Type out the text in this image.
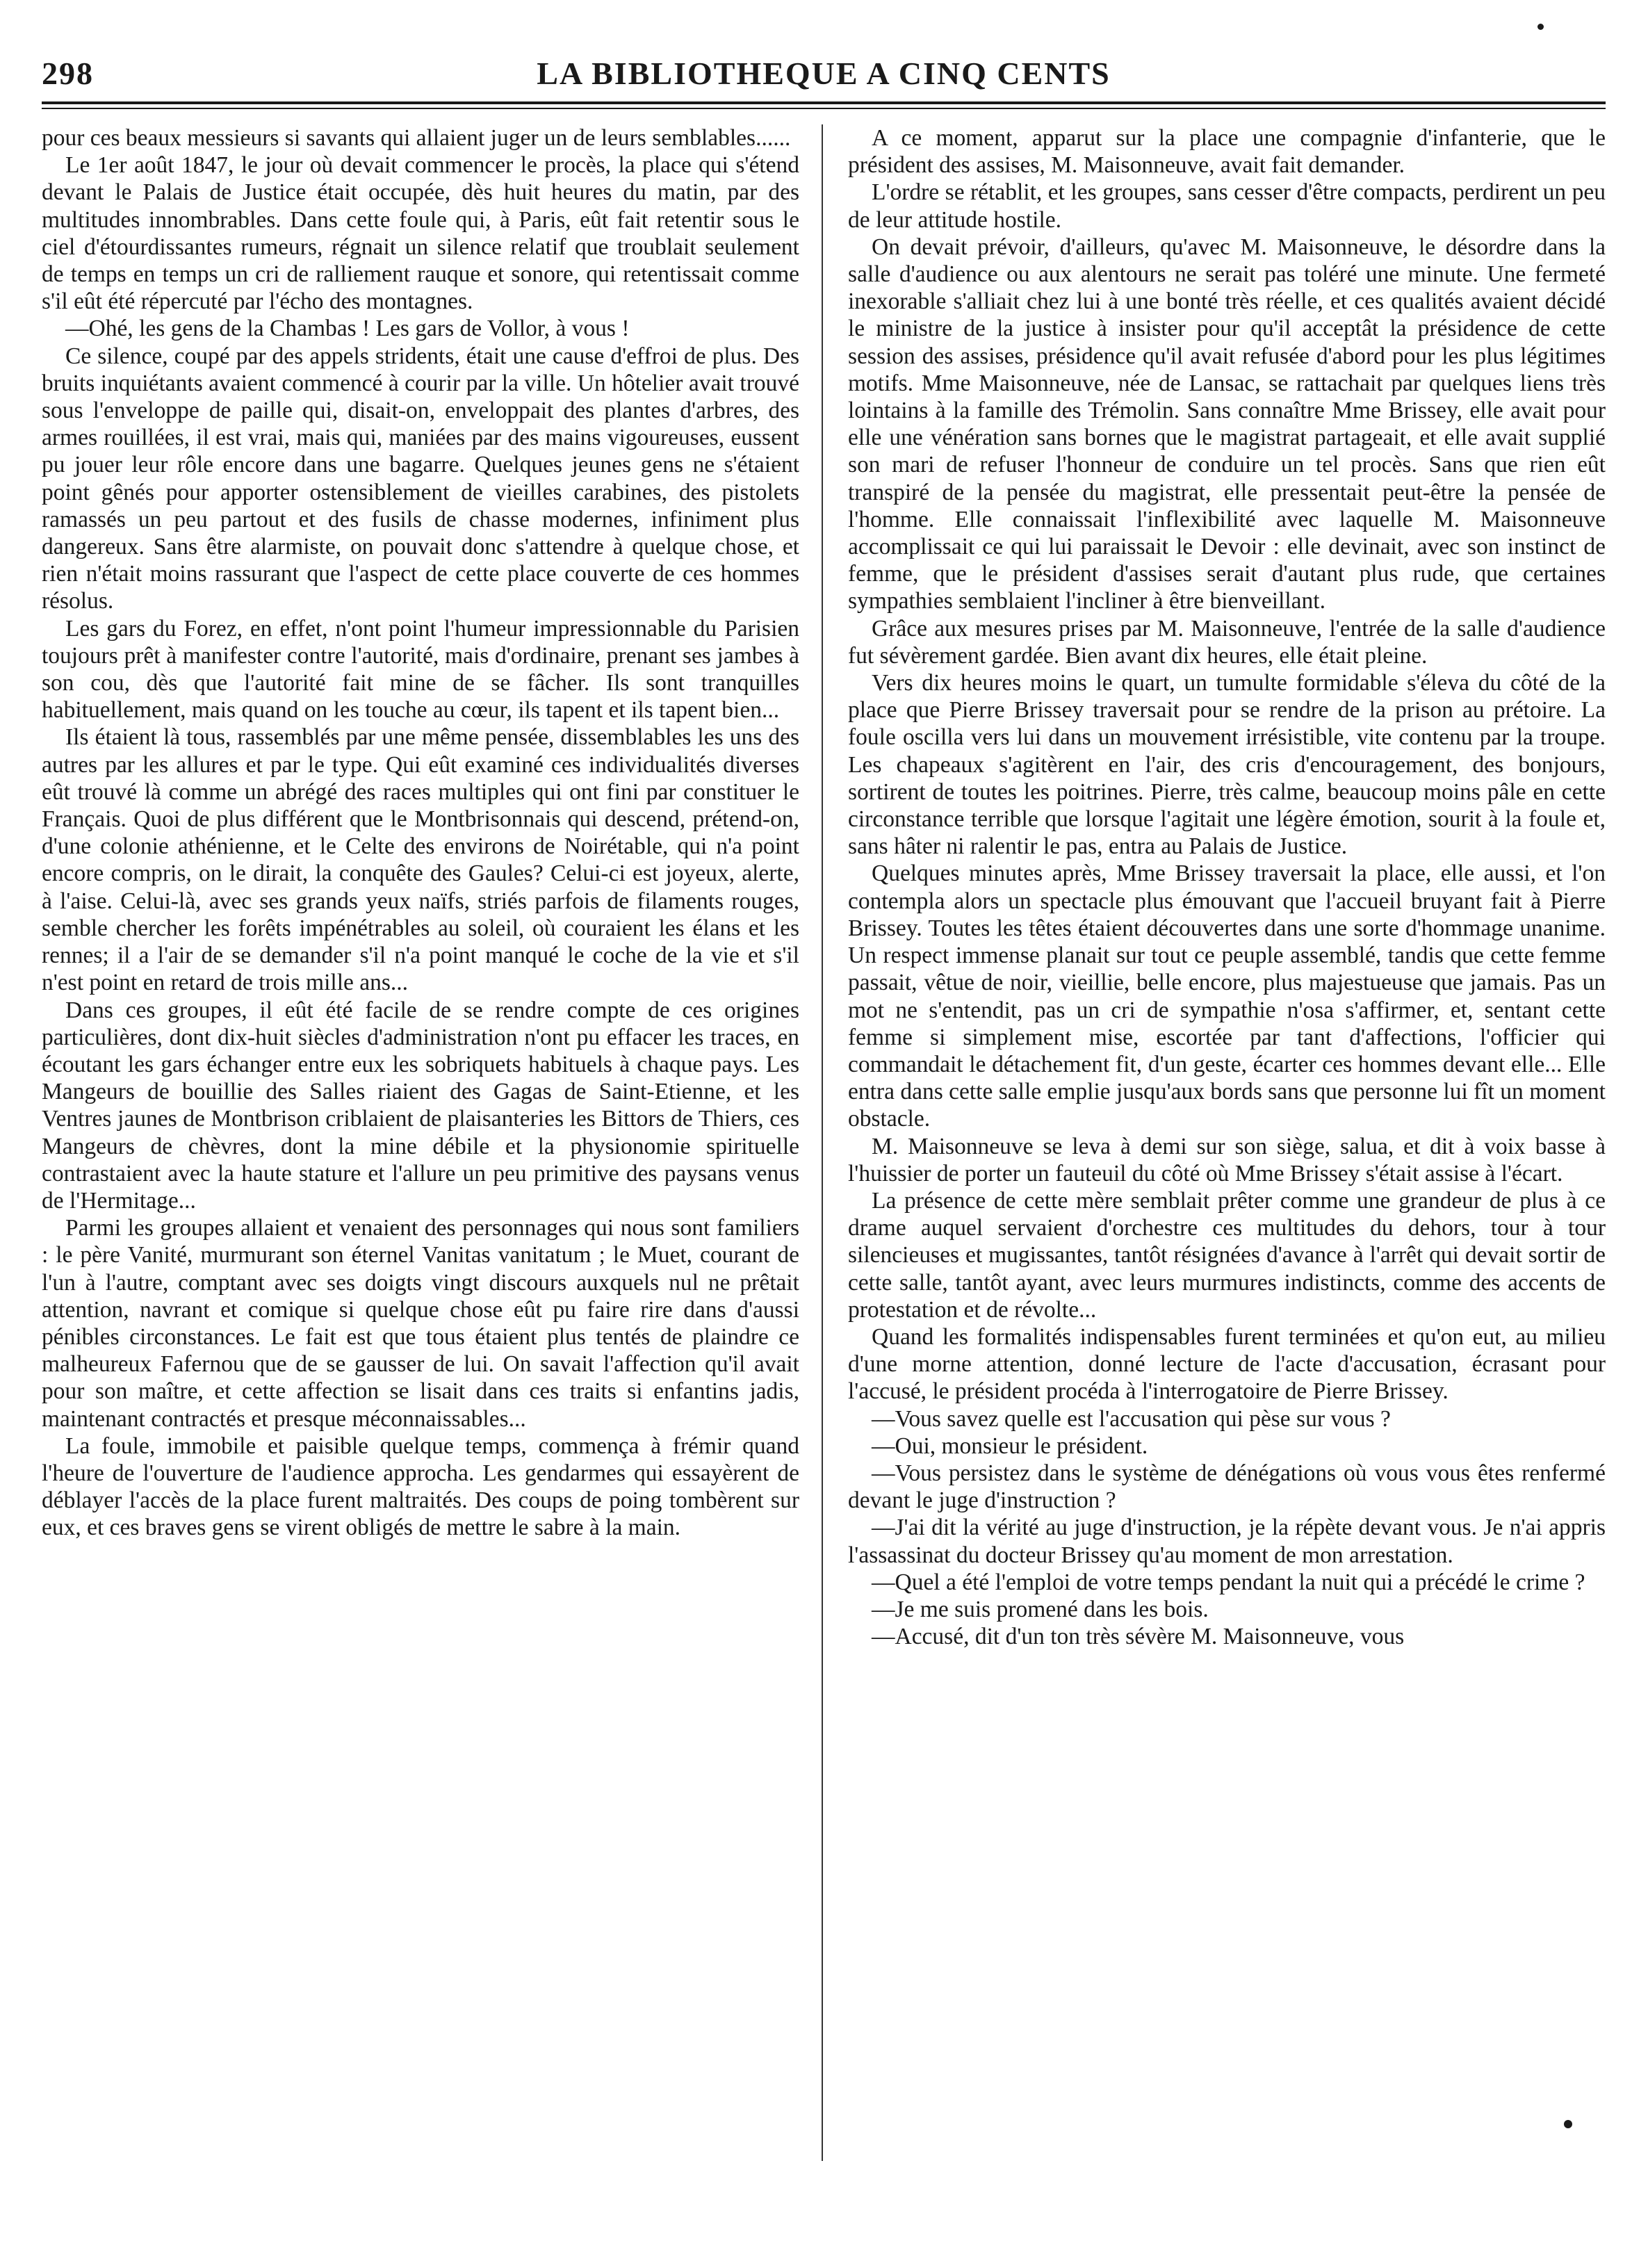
298	LA BIBLIOTHEQUE A CINQ CENTS

pour ces beaux messieurs si savants qui allaient juger un de leurs semblables......

Le 1er août 1847, le jour où devait commencer le procès, la place qui s'étend devant le Palais de Justice était occupée, dès huit heures du matin, par des multitudes innombrables. Dans cette foule qui, à Paris, eût fait retentir sous le ciel d'étourdissantes rumeurs, régnait un silence relatif que troublait seulement de temps en temps un cri de ralliement rauque et sonore, qui retentissait comme s'il eût été répercuté par l'écho des montagnes.

—Ohé, les gens de la Chambas ! Les gars de Vollor, à vous !

Ce silence, coupé par des appels stridents, était une cause d'effroi de plus. Des bruits inquiétants avaient commencé à courir par la ville. Un hôtelier avait trouvé sous l'enveloppe de paille qui, disait-on, enveloppait des plantes d'arbres, des armes rouillées, il est vrai, mais qui, maniées par des mains vigoureuses, eussent pu jouer leur rôle encore dans une bagarre. Quelques jeunes gens ne s'étaient point gênés pour apporter ostensiblement de vieilles carabines, des pistolets ramassés un peu partout et des fusils de chasse modernes, infiniment plus dangereux. Sans être alarmiste, on pouvait donc s'attendre à quelque chose, et rien n'était moins rassurant que l'aspect de cette place couverte de ces hommes résolus.

Les gars du Forez, en effet, n'ont point l'humeur impressionnable du Parisien toujours prêt à manifester contre l'autorité, mais d'ordinaire, prenant ses jambes à son cou, dès que l'autorité fait mine de se fâcher. Ils sont tranquilles habituellement, mais quand on les touche au cœur, ils tapent et ils tapent bien...

Ils étaient là tous, rassemblés par une même pensée, dissemblables les uns des autres par les allures et par le type. Qui eût examiné ces individualités diverses eût trouvé là comme un abrégé des races multiples qui ont fini par constituer le Français. Quoi de plus différent que le Montbrisonnais qui descend, prétend-on, d'une colonie athénienne, et le Celte des environs de Noirétable, qui n'a point encore compris, on le dirait, la conquête des Gaules? Celui-ci est joyeux, alerte, à l'aise. Celui-là, avec ses grands yeux naïfs, striés parfois de filaments rouges, semble chercher les forêts impénétrables au soleil, où couraient les élans et les rennes; il a l'air de se demander s'il n'a point manqué le coche de la vie et s'il n'est point en retard de trois mille ans...

Dans ces groupes, il eût été facile de se rendre compte de ces origines particulières, dont dix-huit siècles d'administration n'ont pu effacer les traces, en écoutant les gars échanger entre eux les sobriquets habituels à chaque pays. Les Mangeurs de bouillie des Salles riaient des Gagas de Saint-Etienne, et les Ventres jaunes de Montbrison criblaient de plaisanteries les Bittors de Thiers, ces Mangeurs de chèvres, dont la mine débile et la physionomie spirituelle contrastaient avec la haute stature et l'allure un peu primitive des paysans venus de l'Hermitage...

Parmi les groupes allaient et venaient des personnages qui nous sont familiers : le père Vanité, murmurant son éternel Vanitas vanitatum ; le Muet, courant de l'un à l'autre, comptant avec ses doigts vingt discours auxquels nul ne prêtait attention, navrant et comique si quelque chose eût pu faire rire dans d'aussi pénibles circonstances. Le fait est que tous étaient plus tentés de plaindre ce malheureux Fafernou que de se gausser de lui. On savait l'affection qu'il avait pour son maître, et cette affection se lisait dans ces traits si enfantins jadis, maintenant contractés et presque méconnaissables...

La foule, immobile et paisible quelque temps, commença à frémir quand l'heure de l'ouverture de l'audience approcha. Les gendarmes qui essayèrent de déblayer l'accès de la place furent maltraités. Des coups de poing tombèrent sur eux, et ces braves gens se virent obligés de mettre le sabre à la main.

A ce moment, apparut sur la place une compagnie d'infanterie, que le président des assises, M. Maisonneuve, avait fait demander.

L'ordre se rétablit, et les groupes, sans cesser d'être compacts, perdirent un peu de leur attitude hostile.

On devait prévoir, d'ailleurs, qu'avec M. Maisonneuve, le désordre dans la salle d'audience ou aux alentours ne serait pas toléré une minute. Une fermeté inexorable s'alliait chez lui à une bonté très réelle, et ces qualités avaient décidé le ministre de la justice à insister pour qu'il acceptât la présidence de cette session des assises, présidence qu'il avait refusée d'abord pour les plus légitimes motifs. Mme Maisonneuve, née de Lansac, se rattachait par quelques liens très lointains à la famille des Trémolin. Sans connaître Mme Brissey, elle avait pour elle une vénération sans bornes que le magistrat partageait, et elle avait supplié son mari de refuser l'honneur de conduire un tel procès. Sans que rien eût transpiré de la pensée du magistrat, elle pressentait peut-être la pensée de l'homme. Elle connaissait l'inflexibilité avec laquelle M. Maisonneuve accomplissait ce qui lui paraissait le Devoir : elle devinait, avec son instinct de femme, que le président d'assises serait d'autant plus rude, que certaines sympathies semblaient l'incliner à être bienveillant.

Grâce aux mesures prises par M. Maisonneuve, l'entrée de la salle d'audience fut sévèrement gardée. Bien avant dix heures, elle était pleine.

Vers dix heures moins le quart, un tumulte formidable s'éleva du côté de la place que Pierre Brissey traversait pour se rendre de la prison au prétoire. La foule oscilla vers lui dans un mouvement irrésistible, vite contenu par la troupe. Les chapeaux s'agitèrent en l'air, des cris d'encouragement, des bonjours, sortirent de toutes les poitrines. Pierre, très calme, beaucoup moins pâle en cette circonstance terrible que lorsque l'agitait une légère émotion, sourit à la foule et, sans hâter ni ralentir le pas, entra au Palais de Justice.

Quelques minutes après, Mme Brissey traversait la place, elle aussi, et l'on contempla alors un spectacle plus émouvant que l'accueil bruyant fait à Pierre Brissey. Toutes les têtes étaient découvertes dans une sorte d'hommage unanime. Un respect immense planait sur tout ce peuple assemblé, tandis que cette femme passait, vêtue de noir, vieillie, belle encore, plus majestueuse que jamais. Pas un mot ne s'entendit, pas un cri de sympathie n'osa s'affirmer, et, sentant cette femme si simplement mise, escortée par tant d'affections, l'officier qui commandait le détachement fit, d'un geste, écarter ces hommes devant elle... Elle entra dans cette salle emplie jusqu'aux bords sans que personne lui fît un moment obstacle.

M. Maisonneuve se leva à demi sur son siège, salua, et dit à voix basse à l'huissier de porter un fauteuil du côté où Mme Brissey s'était assise à l'écart.

La présence de cette mère semblait prêter comme une grandeur de plus à ce drame auquel servaient d'orchestre ces multitudes du dehors, tour à tour silencieuses et mugissantes, tantôt résignées d'avance à l'arrêt qui devait sortir de cette salle, tantôt ayant, avec leurs murmures indistincts, comme des accents de protestation et de révolte...

Quand les formalités indispensables furent terminées et qu'on eut, au milieu d'une morne attention, donné lecture de l'acte d'accusation, écrasant pour l'accusé, le président procéda à l'interrogatoire de Pierre Brissey.

—Vous savez quelle est l'accusation qui pèse sur vous ?

—Oui, monsieur le président.

—Vous persistez dans le système de dénégations où vous vous êtes renfermé devant le juge d'instruction ?

—J'ai dit la vérité au juge d'instruction, je la répète devant vous. Je n'ai appris l'assassinat du docteur Brissey qu'au moment de mon arrestation.

—Quel a été l'emploi de votre temps pendant la nuit qui a précédé le crime ?

—Je me suis promené dans les bois.

—Accusé, dit d'un ton très sévère M. Maisonneuve, vous
